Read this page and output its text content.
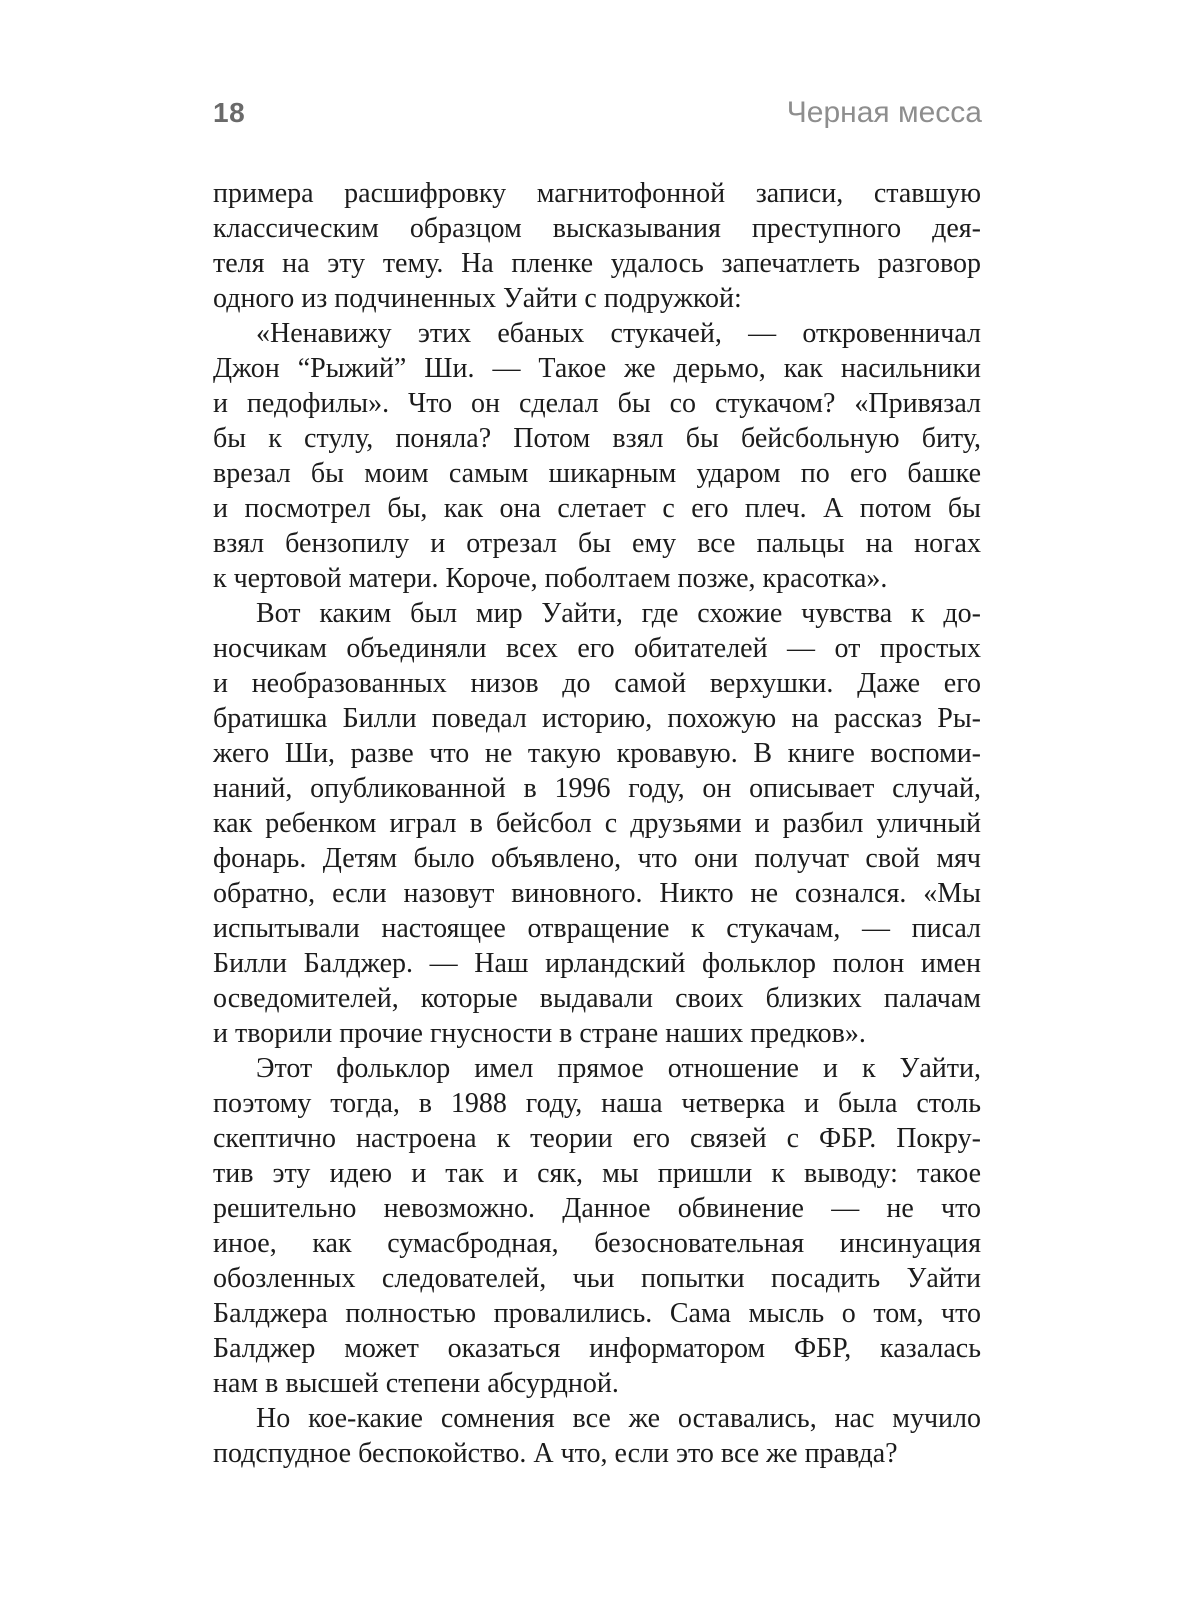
18	Черная месса
примера расшифровку магнитофонной записи, ставшую
классическим образцом высказывания преступного дея-
теля на эту тему. На пленке удалось запечатлеть разговор
одного из подчиненных Уайти с подружкой:
«Ненавижу этих ебаных стукачей, — откровенничал
Джон “Рыжий” Ши. — Такое же дерьмо, как насильники
и педофилы». Что он сделал бы со стукачом? «Привязал
бы к стулу, поняла? Потом взял бы бейсбольную биту,
врезал бы моим самым шикарным ударом по его башке
и посмотрел бы, как она слетает с его плеч. А потом бы
взял бензопилу и отрезал бы ему все пальцы на ногах
к чертовой матери. Короче, поболтаем позже, красотка».
Вот каким был мир Уайти, где схожие чувства к до-
носчикам объединяли всех его обитателей — от простых
и необразованных низов до самой верхушки. Даже его
братишка Билли поведал историю, похожую на рассказ Ры-
жего Ши, разве что не такую кровавую. В книге воспоми-
наний, опубликованной в 1996 году, он описывает случай,
как ребенком играл в бейсбол с друзьями и разбил уличный
фонарь. Детям было объявлено, что они получат свой мяч
обратно, если назовут виновного. Никто не сознался. «Мы
испытывали настоящее отвращение к стукачам, — писал
Билли Балджер. — Наш ирландский фольклор полон имен
осведомителей, которые выдавали своих близких палачам
и творили прочие гнусности в стране наших предков».
Этот фольклор имел прямое отношение и к Уайти,
поэтому тогда, в 1988 году, наша четверка и была столь
скептично настроена к теории его связей с ФБР. Покру-
тив эту идею и так и сяк, мы пришли к выводу: такое
решительно невозможно. Данное обвинение — не что
иное, как сумасбродная, безосновательная инсинуация
обозленных следователей, чьи попытки посадить Уайти
Балджера полностью провалились. Сама мысль о том, что
Балджер может оказаться информатором ФБР, казалась
нам в высшей степени абсурдной.
Но кое-какие сомнения все же оставались, нас мучило
подспудное беспокойство. А что, если это все же правда?
